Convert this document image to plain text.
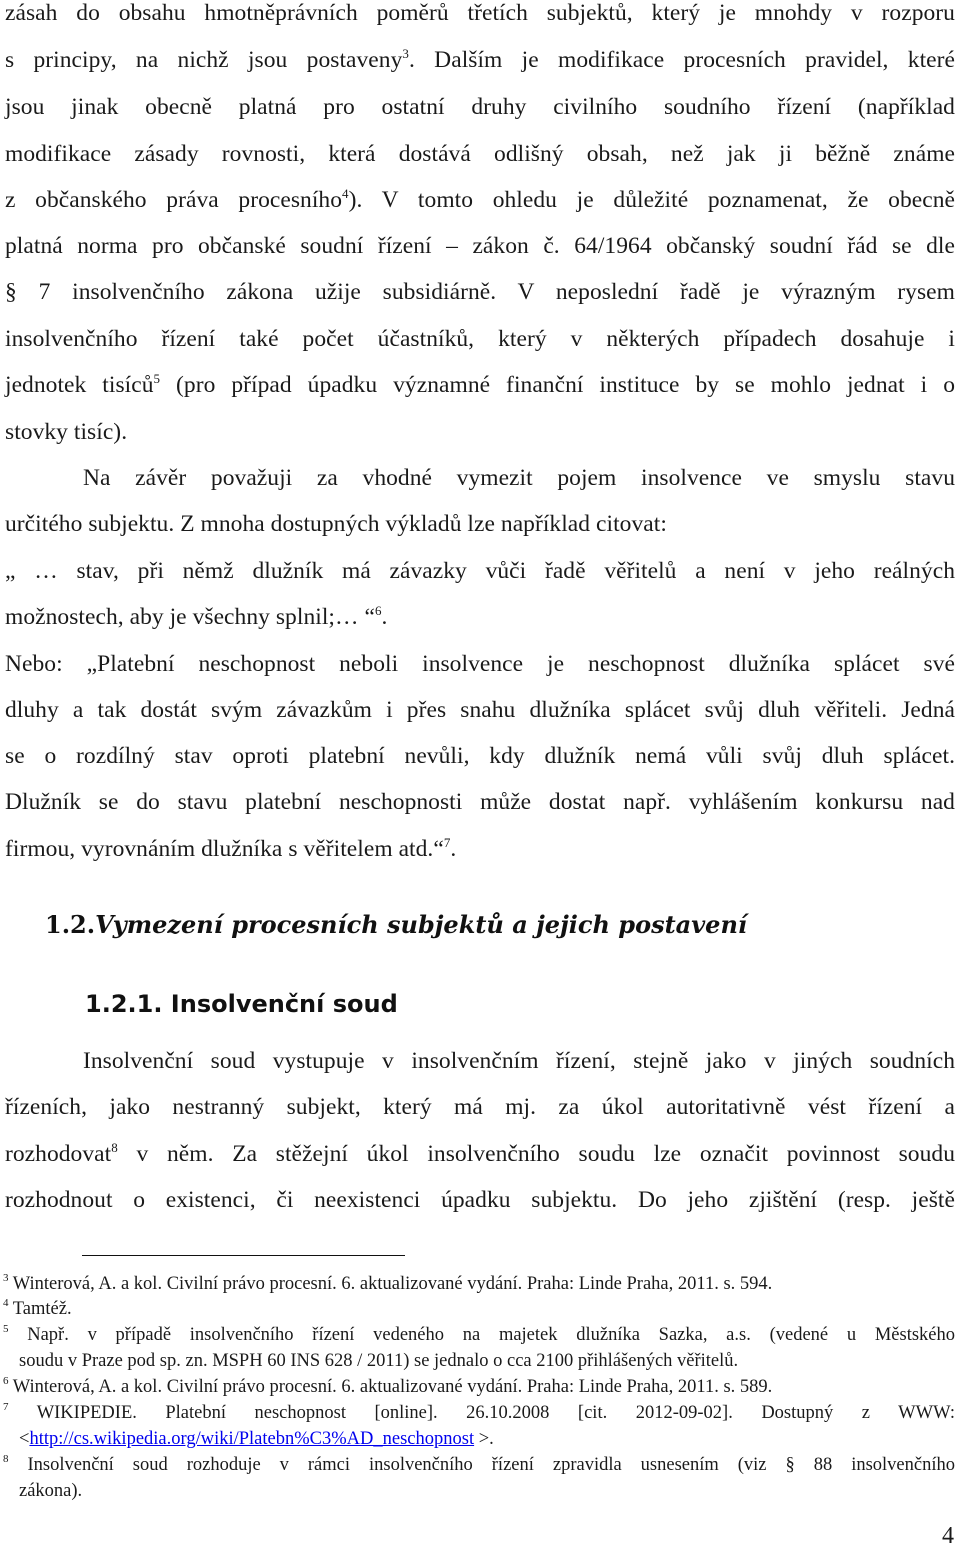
zásah do obsahu hmotněprávních poměrů třetích subjektů, který je mnohdy v rozporu

s principy, na nichž jsou postaveny$^3$. Dalším je modifikace procesních pravidel, které

jsou jinak obecně platná pro ostatní druhy civilního soudního řízení (například

modifikace zásady rovnosti, která dostává odlišný obsah, než jak ji běžně známe

z občanského práva procesního$^4$). V tomto ohledu je důležité poznamenat, že obecně

platná norma pro občanské soudní řízení – zákon č. 64/1964 občanský soudní řád se dle

§ 7 insolvenčního zákona užije subsidiárně. V neposlední řadě je výrazným rysem

insolvenčního řízení také počet účastníků, který v některých případech dosahuje i

jednotek tisíců$^5$ (pro případ úpadku významné finanční instituce by se mohlo jednat i o

stovky tisíc).

Na závěr považuji za vhodné vymezit pojem insolvence ve smyslu stavu

určitého subjektu. Z mnoha dostupných výkladů lze například citovat:

„ … stav, při němž dlužník má závazky vůči řadě věřitelů a není v jeho reálných

možnostech, aby je všechny splnil;… “$^6$.

Nebo: „Platební neschopnost neboli insolvence je neschopnost dlužníka splácet své

dluhy a tak dostát svým závazkům i přes snahu dlužníka splácet svůj dluh věřiteli. Jedná

se o rozdílný stav oproti platební nevůli, kdy dlužník nemá vůli svůj dluh splácet.

Dlužník se do stavu platební neschopnosti může dostat např. vyhlášením konkursu nad

firmou, vyrovnáním dlužníka s věřitelem atd.“$^7$.

1.2.Vymezení procesních subjektů a jejich postavení
1.2.1. Insolvenční soud

Insolvenční soud vystupuje v insolvenčním řízení, stejně jako v jiných soudních

řízeních, jako nestranný subjekt, který má mj. za úkol autoritativně vést řízení a

rozhodovat$^8$ v něm. Za stěžejní úkol insolvenčního soudu lze označit povinnost soudu

rozhodnout o existenci, či neexistenci úpadku subjektu. Do jeho zjištění (resp. ještě

$^3$ Winterová, A. a kol. Civilní právo procesní. 6. aktualizované vydání. Praha: Linde Praha, 2011. s. 594.

$^4$ Tamtéž.

$^5$ Např. v případě insolvenčního řízení vedeného na majetek dlužníka Sazka, a.s. (vedené u Městského

soudu v Praze pod sp. zn. MSPH 60 INS 628 / 2011) se jednalo o cca 2100 přihlášených věřitelů.

$^6$ Winterová, A. a kol. Civilní právo procesní. 6. aktualizované vydání. Praha: Linde Praha, 2011. s. 589.

$^7$ WIKIPEDIE. Platební neschopnost [online]. 26.10.2008 [cit. 2012-09-02]. Dostupný z WWW:

<http://cs.wikipedia.org/wiki/Platebn%C3%AD_neschopnost >.

$^8$ Insolvenční soud rozhoduje v rámci insolvenčního řízení zpravidla usnesením (viz § 88 insolvenčního

zákona).

4
